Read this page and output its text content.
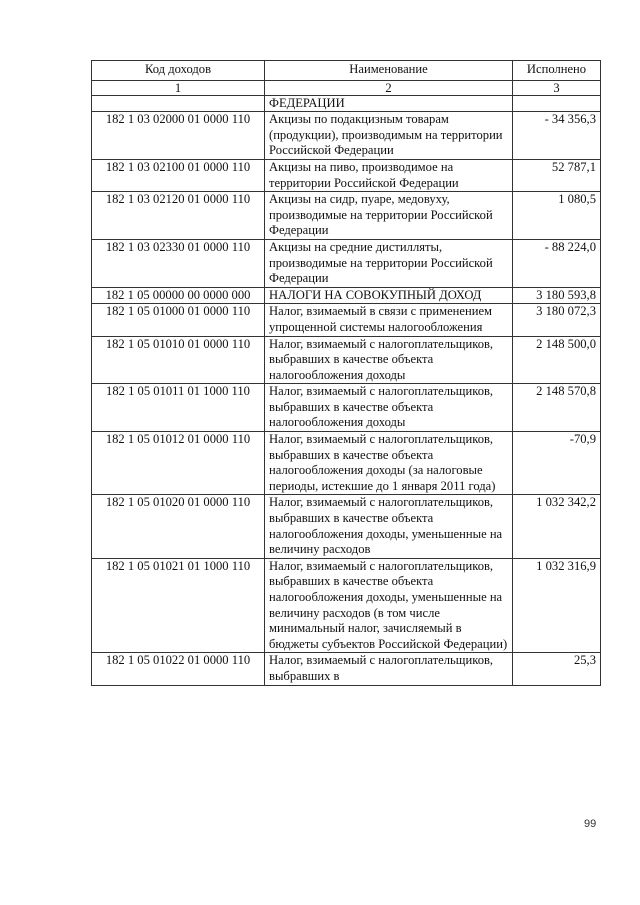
Код доходов	Наименование	Исполнено
1	2	3
	ФЕДЕРАЦИИ	
182 1 03 02000 01 0000 110	Акцизы по подакцизным товарам (продукции), производимым на территории Российской Федерации	- 34 356,3
182 1 03 02100 01 0000 110	Акцизы на пиво, производимое на территории Российской Федерации	52 787,1
182 1 03 02120 01 0000 110	Акцизы на сидр, пуаре, медовуху, производимые на территории Российской Федерации	1 080,5
182 1 03 02330 01 0000 110	Акцизы на средние дистилляты, производимые на территории Российской Федерации	- 88 224,0
182 1 05 00000 00 0000 000	НАЛОГИ НА СОВОКУПНЫЙ ДОХОД	3 180 593,8
182 1 05 01000 01 0000 110	Налог, взимаемый в связи с применением упрощенной системы налогообложения	3 180 072,3
182 1 05 01010 01 0000 110	Налог, взимаемый с налогоплательщиков, выбравших в качестве объекта налогообложения доходы	2 148 500,0
182 1 05 01011 01 1000 110	Налог, взимаемый с налогоплательщиков, выбравших в качестве объекта налогообложения доходы	2 148 570,8
182 1 05 01012 01 0000 110	Налог, взимаемый с налогоплательщиков, выбравших в качестве объекта налогообложения доходы (за налоговые периоды, истекшие до 1 января 2011 года)	-70,9
182 1 05 01020 01 0000 110	Налог, взимаемый с налогоплательщиков, выбравших в качестве объекта налогообложения доходы, уменьшенные на величину расходов	1 032 342,2
182 1 05 01021 01 1000 110	Налог, взимаемый с налогоплательщиков, выбравших в качестве объекта налогообложения доходы, уменьшенные на величину расходов (в том числе минимальный налог, зачисляемый в бюджеты субъектов Российской Федерации)	1 032 316,9
182 1 05 01022 01 0000 110	Налог, взимаемый с налогоплательщиков, выбравших в	25,3
99
